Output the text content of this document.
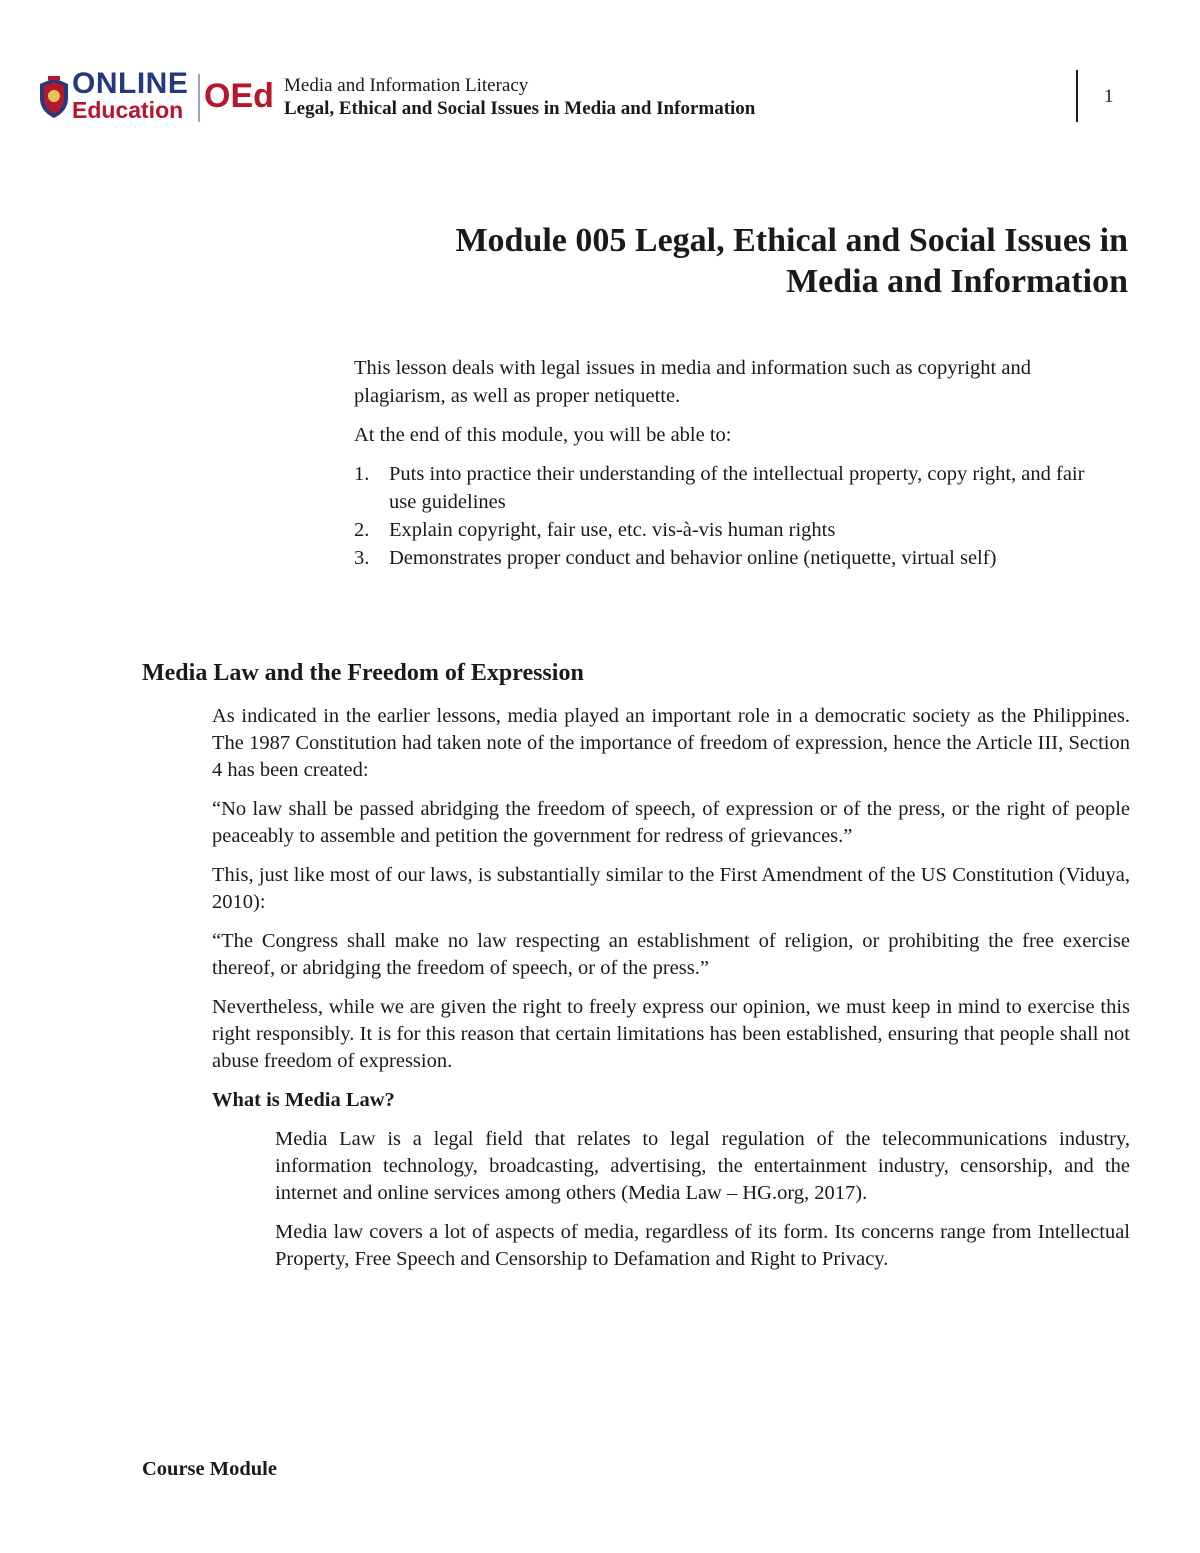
ONLINE
Education OEd Media and Information Literacy
Legal, Ethical and Social Issues in Media and Information
1
Module 005 Legal, Ethical and Social Issues in
Media and Information

This lesson deals with legal issues in media and information such as copyright and plagiarism, as well as proper netiquette.

At the end of this module, you will be able to:

1. Puts into practice their understanding of the intellectual property, copy right, and fair use guidelines
2. Explain copyright, fair use, etc. vis-à-vis human rights
3. Demonstrates proper conduct and behavior online (netiquette, virtual self)
Media Law and the Freedom of Expression

As indicated in the earlier lessons, media played an important role in a democratic society as the Philippines. The 1987 Constitution had taken note of the importance of freedom of expression, hence the Article III, Section 4 has been created:

“No law shall be passed abridging the freedom of speech, of expression or of the press, or the right of people peaceably to assemble and petition the government for redress of grievances.”

This, just like most of our laws, is substantially similar to the First Amendment of the US Constitution (Viduya, 2010):

“The Congress shall make no law respecting an establishment of religion, or prohibiting the free exercise thereof, or abridging the freedom of speech, or of the press.”

Nevertheless, while we are given the right to freely express our opinion, we must keep in mind to exercise this right responsibly. It is for this reason that certain limitations has been established, ensuring that people shall not abuse freedom of expression.

What is Media Law?

Media Law is a legal field that relates to legal regulation of the telecommunications industry, information technology, broadcasting, advertising, the entertainment industry, censorship, and the internet and online services among others (Media Law – HG.org, 2017).

Media law covers a lot of aspects of media, regardless of its form. Its concerns range from Intellectual Property, Free Speech and Censorship to Defamation and Right to Privacy.

Course Module
